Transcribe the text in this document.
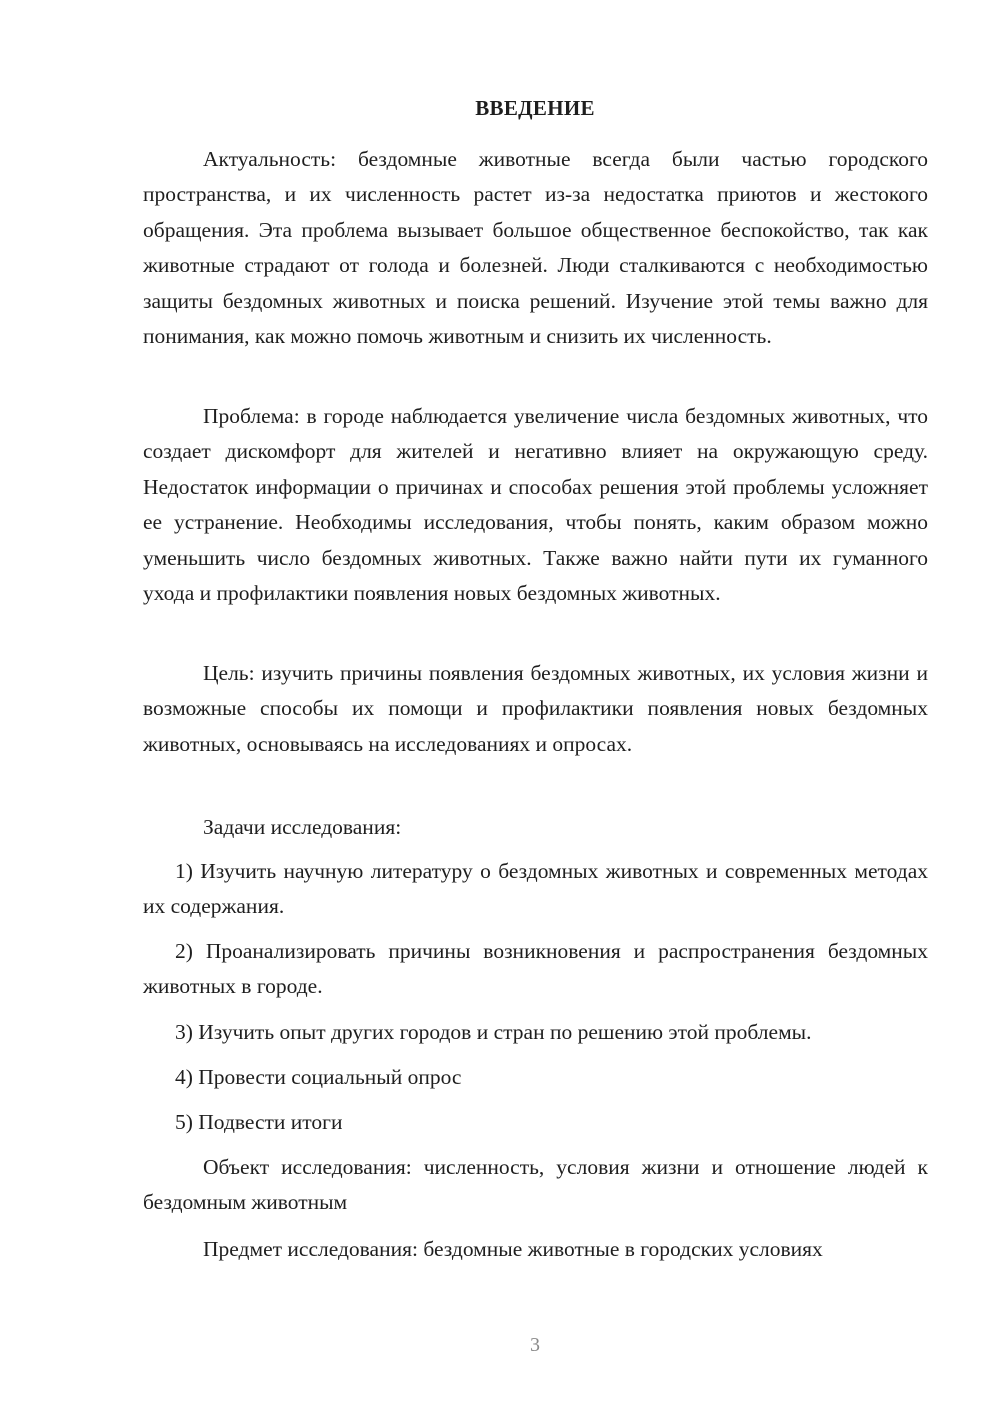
ВВЕДЕНИЕ

Актуальность: бездомные животные всегда были частью городского пространства, и их численность растет из-за недостатка приютов и жестокого обращения. Эта проблема вызывает большое общественное беспокойство, так как животные страдают от голода и болезней. Люди сталкиваются с необходимостью защиты бездомных животных и поиска решений. Изучение этой темы важно для понимания, как можно помочь животным и снизить их численность.

Проблема: в городе наблюдается увеличение числа бездомных животных, что создает дискомфорт для жителей и негативно влияет на окружающую среду. Недостаток информации о причинах и способах решения этой проблемы усложняет ее устранение. Необходимы исследования, чтобы понять, каким образом можно уменьшить число бездомных животных. Также важно найти пути их гуманного ухода и профилактики появления новых бездомных животных.

Цель: изучить причины появления бездомных животных, их условия жизни и возможные способы их помощи и профилактики появления новых бездомных животных, основываясь на исследованиях и опросах.

Задачи исследования:

1) Изучить научную литературу о бездомных животных и современных методах их содержания.

2) Проанализировать причины возникновения и распространения бездомных животных в городе.

3) Изучить опыт других городов и стран по решению этой проблемы.

4) Провести социальный опрос

5) Подвести итоги

Объект исследования: численность, условия жизни и отношение людей к бездомным животным

Предмет исследования: бездомные животные в городских условиях

3
